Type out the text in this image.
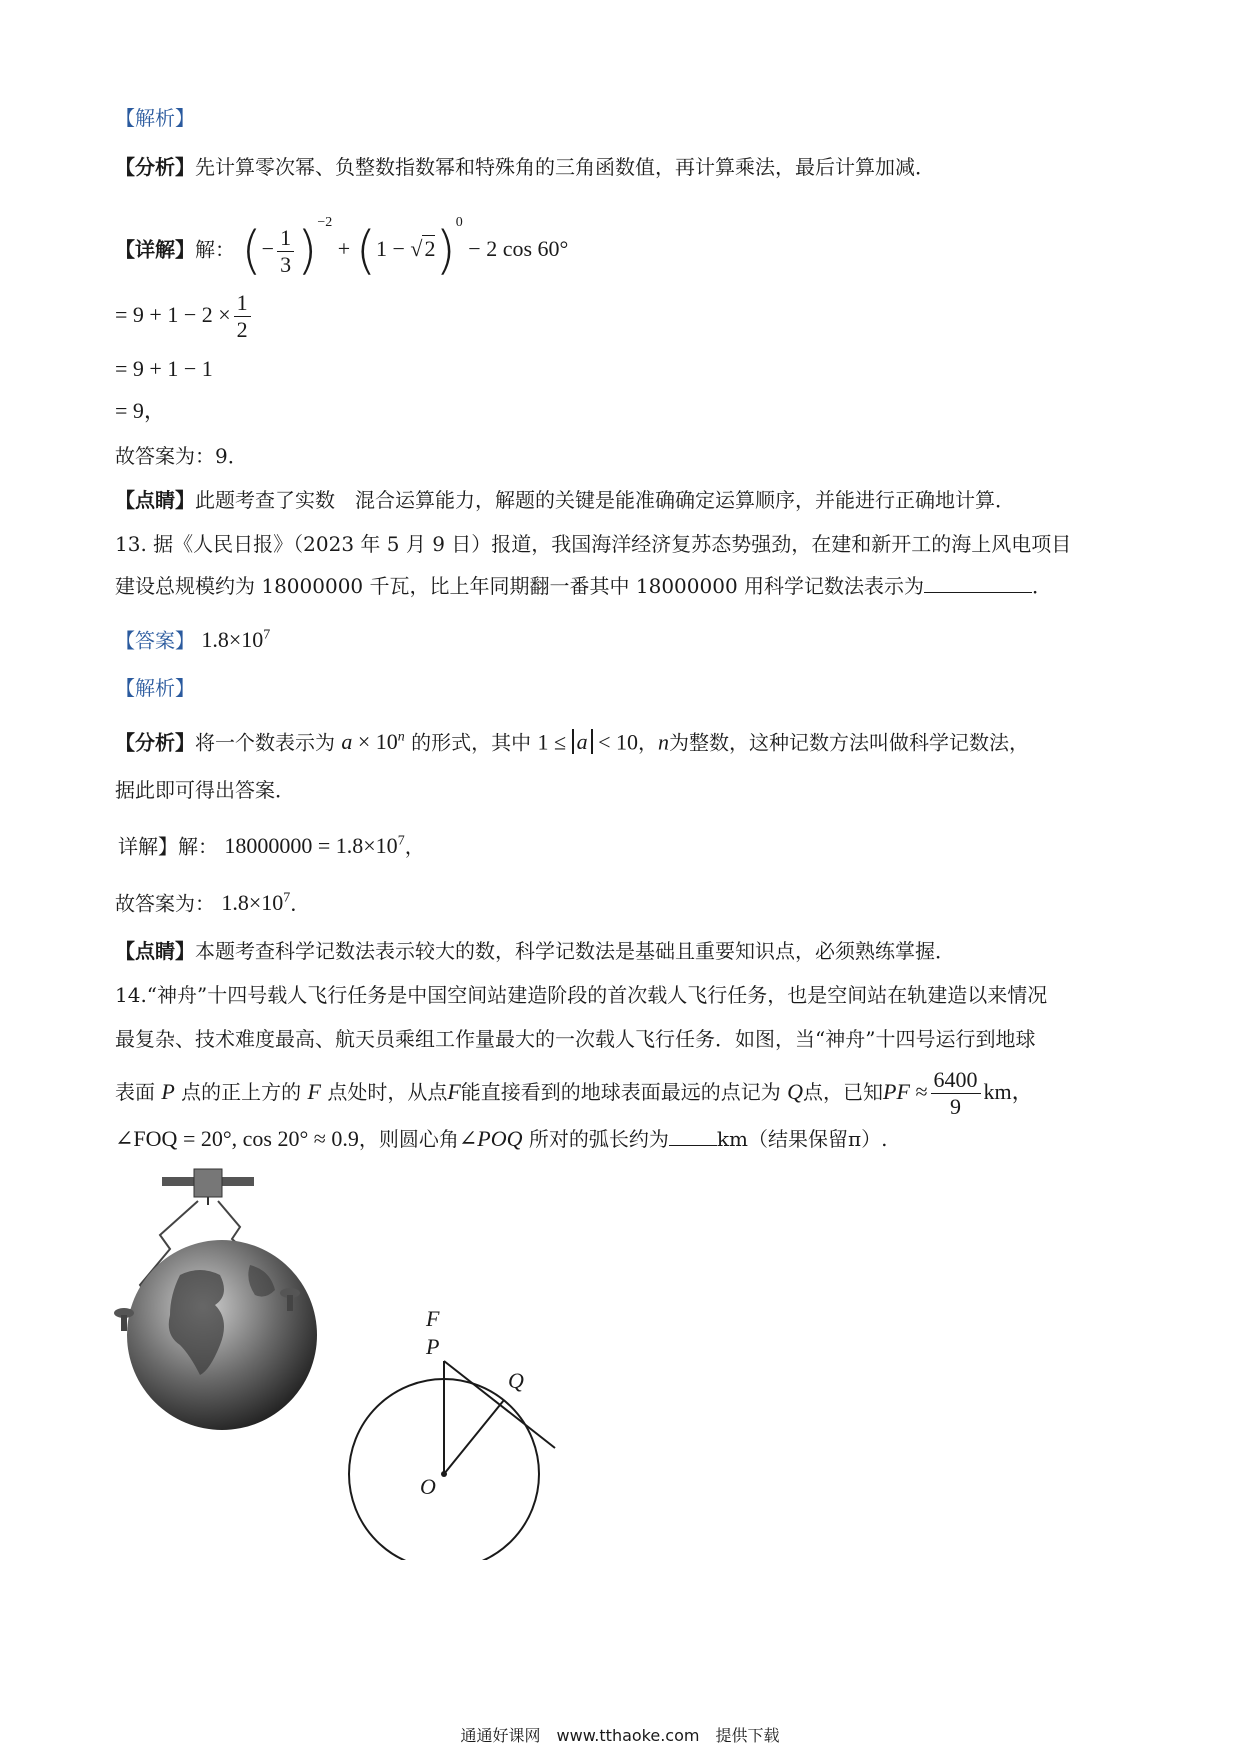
【解析】
【分析】先计算零次幂、负整数指数幂和特殊角的三角函数值，再计算乘法，最后计算加减．
【详解】解： (− $\frac{1}{3} )^{-2} + (1 - √2)^0 - 2$ cos 60°
= $9 + 1 - 2 \times \frac{1}{2}$
= 9 + 1 − 1
= 9，
故答案为：9．
【点睛】此题考查了实数　混合运算能力，解题的关键是能准确确定运算顺序，并能进行正确地计算．
13. 据《人民日报》（2023 年 5 月 9 日）报道，我国海洋经济复苏态势强劲，在建和新开工的海上风电项目
建设总规模约为 18000000 千瓦，比上年同期翻一番其中 18000000 用科学记数法表示为	．
【答案】 $1.8\times 10^7$
【解析】
【分析】将一个数表示为 $a \times 10^n$ 的形式，其中 1 ≤ a < 10，n为整数，这种记数方法叫做科学记数法，
据此即可得出答案．
详解】解： $18000000 = 1.8\times 10^7$，
故答案为： $1.8\times 10^7$．
【点睛】本题考查科学记数法表示较大的数，科学记数法是基础且重要知识点，必须熟练掌握．
14.“神舟”十四号载人飞行任务是中国空间站建造阶段的首次载人飞行任务，也是空间站在轨建造以来情况
最复杂、技术难度最高、航天员乘组工作量最大的一次载人飞行任务．如图，当“神舟”十四号运行到地球
表面 P 点的正上方的 F 点处时，从点F能直接看到的地球表面最远的点记为 Q点，已知PF ≈ $\frac{6400}{9}$ km，
∠FOQ = 20°, cos 20° ≈ 0.9，则圆心角∠POQ 所对的弧长约为 km（结果保留π）.
F
P
Q
O
通通好课网　www.tthaoke.com　提供下载
